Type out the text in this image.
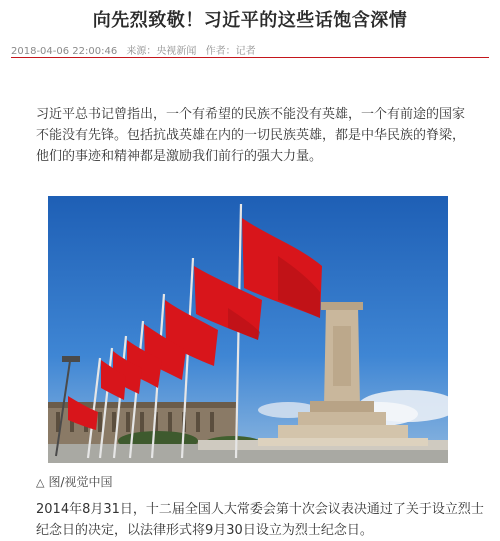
向先烈致敬！习近平的这些话饱含深情
2018-04-06 22:00:46 来源：央视新闻 作者：记者

习近平总书记曾指出，一个有希望的民族不能没有英雄，一个有前途的国家不能没有先锋。包括抗战英雄在内的一切民族英雄，都是中华民族的脊梁，他们的事迹和精神都是激励我们前行的强大力量。

△ 图/视觉中国

2014年8月31日，十二届全国人大常委会第十次会议表决通过了关于设立烈士纪念日的决定，以法律形式将9月30日设立为烈士纪念日。
